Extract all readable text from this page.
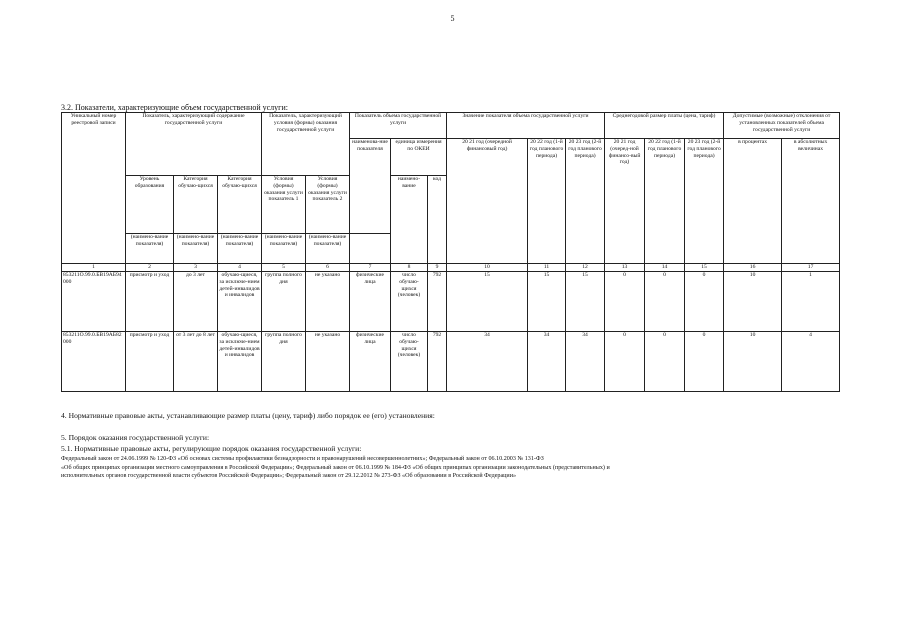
5
3.2. Показатели, характеризующие объем государственной услуги:
Уникальный номер реестровой записи	Показатель, характеризующий содержание государственной услуги			Показатель, характеризующий условия (формы) оказания государственной услуги		Показатель объема государственной услуги			Значение показателя объема государственной услуги			Среднегодовой размер платы (цена, тариф)			Допустимые (возможные) отклонения от установленных показателей объема государственной услуги	
						наименова-ние показателя	единица измерения по ОКЕИ		20 21 год (очередной финансовый год)	20 22 год (1-й год планового периода)	20 23 год (2-й год планового периода)	20 21 год (очеред-ной финансо-вый год)	20 22 год (1-й год планового периода)	20 23 год (2-й год планового периода)	в процентах	в абсолютных величинах
	Уровень образования	Категория обучаю-щихся	Категория обучаю-щихся	Условия (формы) оказания услуги показатель 1	Условия (формы) оказания услуги показатель 2		наимено-вание	код								
	(наимено-вание показателя)	(наимено-вание показателя)	(наимено-вание показателя)	(наимено-вание показателя)	(наимено-вание показателя)											
1	2	3	4	5	6	7	8	9	10	11	12	13	14	15	16	17
853211О.99.0.БВ19АБ94000	присмотр и уход	до 3 лет	обучаю-щиеся, за исключе-нием детей-инвалидов и инвалидов	группа полного дня	не указано	физические лица	число обучаю-щихся (человек)	792	15	15	15	0	0	0	10	1
853211О.99.0.БВ19АБ82000	присмотр и уход	от 3 лет до 8 лет	обучаю-щиеся, за исключе-нием детей-инвалидов и инвалидов	группа полного дня	не указано	физические лица	число обучаю-щихся (человек)	792	34	34	34	0	0	0	10	4
4. Нормативные правовые акты, устанавливающие размер платы (цену, тариф) либо порядок ее (его) установления:
5. Порядок оказания государственной услуги:
5.1. Нормативные правовые акты, регулирующие порядок оказания государственной услуги:
Федеральный закон от 24.06.1999 № 120-ФЗ «Об основах системы профилактики безнадзорности и правонарушений несовершеннолетних»; Федеральный закон от 06.10.2003 № 131-ФЗ
«Об общих принципах организации местного самоуправления в Российской Федерации»; Федеральный закон от 06.10.1999 № 184-ФЗ «Об общих принципах организации законодательных (представительных) и
исполнительных органов государственной власти субъектов Российской Федерации»; Федеральный закон от 29.12.2012 № 273-ФЗ «Об образовании в Российской Федерации»
